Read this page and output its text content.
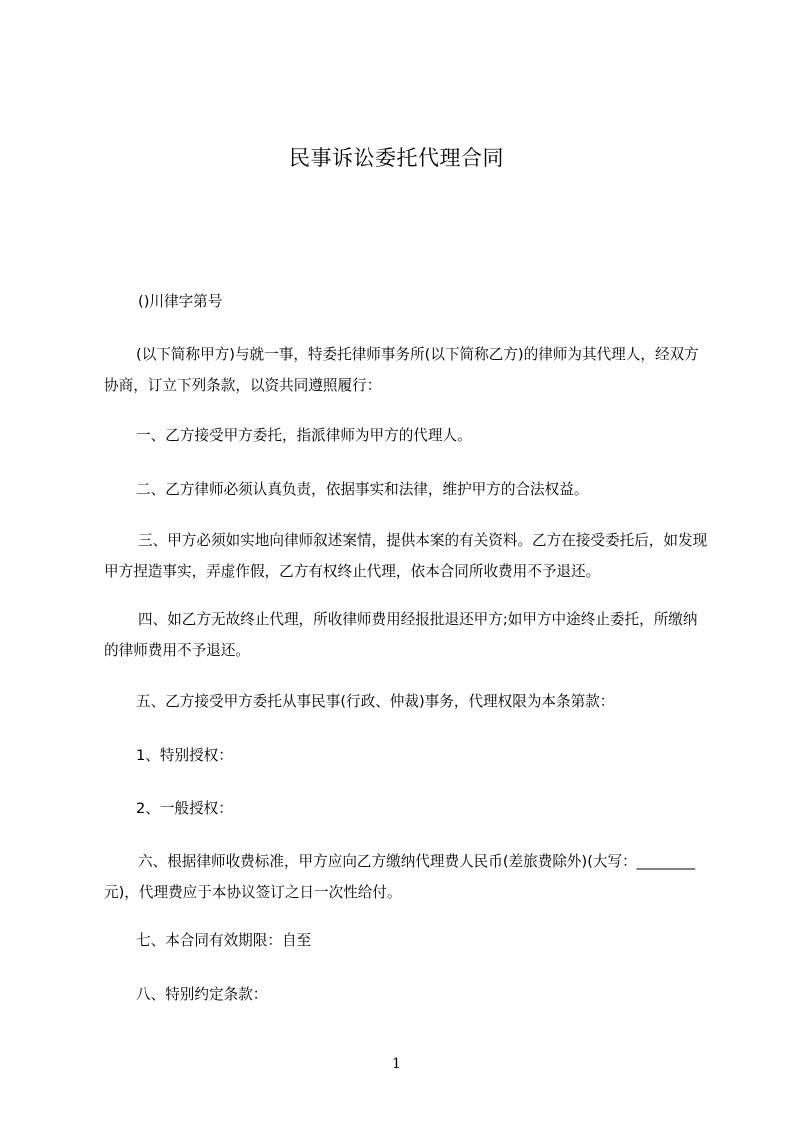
民事诉讼委托代理合同

()川律字第号

(以下简称甲方)与就一事，特委托律师事务所(以下简称乙方)的律师为其代理人，经双方协商，订立下列条款，以资共同遵照履行：

一、乙方接受甲方委托，指派律师为甲方的代理人。

二、乙方律师必须认真负责，依据事实和法律，维护甲方的合法权益。

三、甲方必须如实地向律师叙述案情，提供本案的有关资料。乙方在接受委托后，如发现甲方捏造事实，弄虚作假，乙方有权终止代理，依本合同所收费用不予退还。

四、如乙方无故终止代理，所收律师费用经报批退还甲方;如甲方中途终止委托，所缴纳的律师费用不予退还。

五、乙方接受甲方委托从事民事(行政、仲裁)事务，代理权限为本条第款：

1、特别授权：

2、一般授权：

六、根据律师收费标准，甲方应向乙方缴纳代理费人民币(差旅费除外)(大写：________元)，代理费应于本协议签订之日一次性给付。

七、本合同有效期限：自至

八、特别约定条款：

1
